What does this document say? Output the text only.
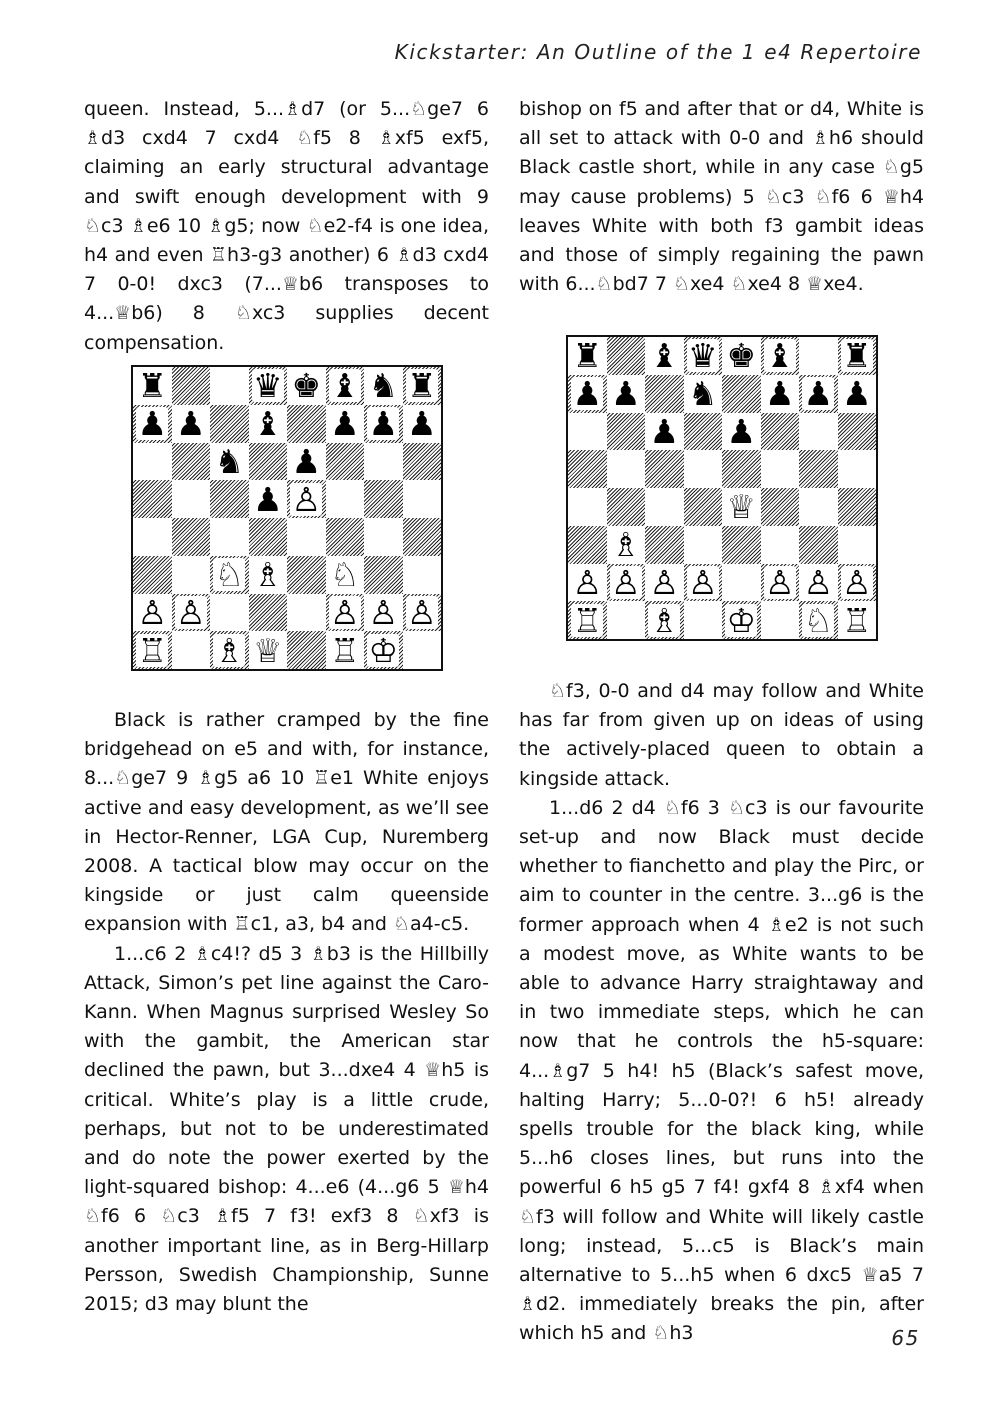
Kickstarter: An Outline of the 1 e4 Repertoire

queen. Instead, 5...♗d7 (or 5...♘ge7 6 ♗d3 cxd4 7 cxd4 ♘f5 8 ♗xf5 exf5, claiming an early structural advantage and swift enough development with 9 ♘c3 ♗e6 10 ♗g5; now ♘e2-f4 is one idea, h4 and even ♖h3-g3 another) 6 ♗d3 cxd4 7 0-0! dxc3 (7...♕b6 transposes to 4...♕b6) 8 ♘xc3 supplies decent compensation.

♜	♛ ♚ ♝ ♞ ♜
♟ ♟ ♝ ♟ ♟ ♟
♞ ♟
♟ ♙
♘ ♗ ♘
♙ ♙	♙ ♙ ♙
♖ ♗ ♕ ♖ ♔

Black is rather cramped by the fine bridgehead on e5 and with, for instance, 8...♘ge7 9 ♗g5 a6 10 ♖e1 White enjoys active and easy development, as we’ll see in Hector-Renner, LGA Cup, Nuremberg 2008. A tactical blow may occur on the kingside or just calm queenside expansion with ♖c1, a3, b4 and ♘a4-c5.

1...c6 2 ♗c4!? d5 3 ♗b3 is the Hillbilly Attack, Simon’s pet line against the Caro-Kann. When Magnus surprised Wesley So with the gambit, the American star declined the pawn, but 3...dxe4 4 ♕h5 is critical. White’s play is a little crude, perhaps, but not to be underestimated and do note the power exerted by the light-squared bishop: 4...e6 (4...g6 5 ♕h4 ♘f6 6 ♘c3 ♗f5 7 f3! exf3 8 ♘xf3 is another important line, as in Berg-Hillarp Persson, Swedish Championship, Sunne 2015; d3 may blunt the

bishop on f5 and after that or d4, White is all set to attack with 0-0 and ♗h6 should Black castle short, while in any case ♘g5 may cause problems) 5 ♘c3 ♘f6 6 ♕h4 leaves White with both f3 gambit ideas and those of simply regaining the pawn with 6...♘bd7 7 ♘xe4 ♘xe4 8 ♕xe4.

♜ ♝ ♛ ♚ ♝ ♜
♟ ♟ ♞ ♟ ♟ ♟
♟ ♟
♕
♗
♙ ♙ ♙ ♙ ♙ ♙ ♙
♖ ♗ ♔ ♘ ♖

♘f3, 0-0 and d4 may follow and White has far from given up on ideas of using the actively-placed queen to obtain a kingside attack.

1...d6 2 d4 ♘f6 3 ♘c3 is our favourite set-up and now Black must decide whether to fianchetto and play the Pirc, or aim to counter in the centre. 3...g6 is the former approach when 4 ♗e2 is not such a modest move, as White wants to be able to advance Harry straightaway and in two immediate steps, which he can now that he controls the h5-square: 4...♗g7 5 h4! h5 (Black’s safest move, halting Harry; 5...0-0?! 6 h5! already spells trouble for the black king, while 5...h6 closes lines, but runs into the powerful 6 h5 g5 7 f4! gxf4 8 ♗xf4 when ♘f3 will follow and White will likely castle long; instead, 5...c5 is Black’s main alternative to 5...h5 when 6 dxc5 ♕a5 7 ♗d2. immediately breaks the pin, after which h5 and ♘h3	65
